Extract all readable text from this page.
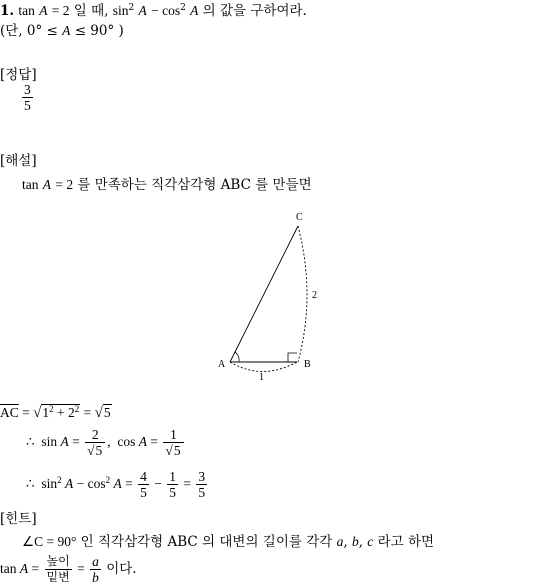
1. tan A = 2 일 때, $\sin^2 A - \cos^2 A$ 의 값을 구하여라.
(단, 0° ≤ A ≤ 90° )
[정답]
$\frac{3}{5}$
[해설]
tan A = 2 를 만족하는 직각삼각형 ABC 를 만들면
C
A	B
2
1
$\overline{AC} = √1^2 + 2^2 = √5$
∴ $\sin A = \frac{2}{√5}$ ,  $\cos A = \frac{1}{√5}$
∴ $\sin^2 A - \cos^2 A = \frac{4}{5} - \frac{1}{5} = \frac{3}{5}$
[힌트]
∠C = 90° 인 직각삼각형 ABC 의 대변의 길이를 각각 a, b, c 라고 하면
$\tan A = \frac{\text{높이}}{\text{밑변}} = \frac{a}{b}$ 이다.
